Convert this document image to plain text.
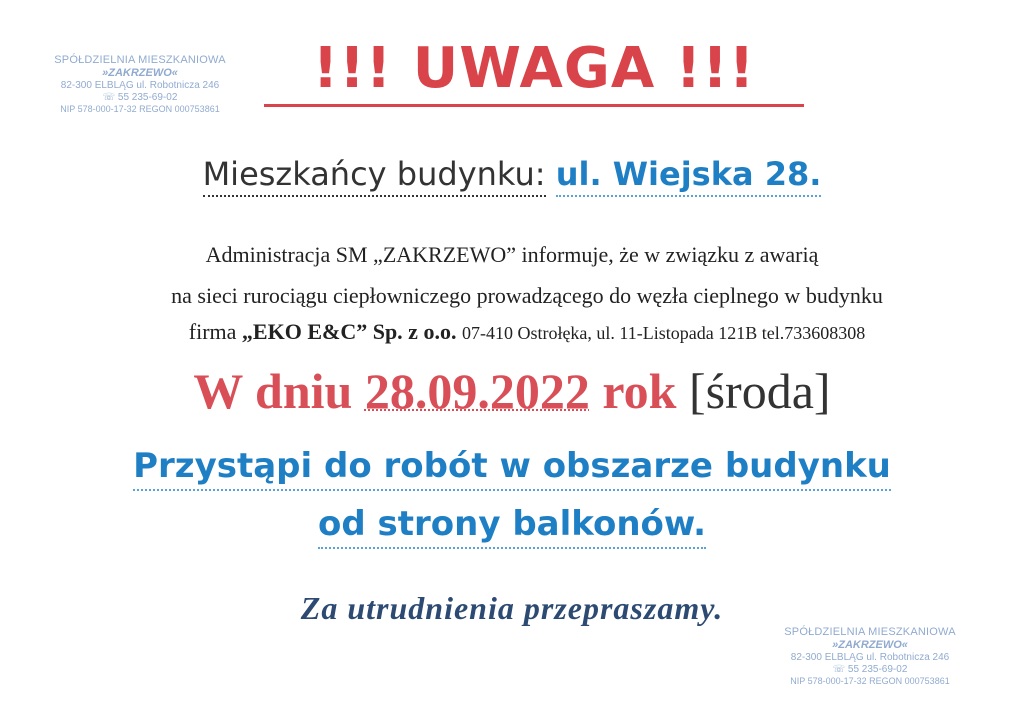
SPÓŁDZIELNIA MIESZKANIOWA
»ZAKRZEWO«
82-300 ELBLĄG ul. Robotnicza 246
☏ 55 235-69-02
NIP 578-000-17-32 REGON 000753861
!!! UWAGA !!!
Mieszkańcy budynku: ul. Wiejska 28.
Administracja SM „ZAKRZEWO” informuje, że w związku z awarią
na sieci rurociągu ciepłowniczego prowadzącego do węzła cieplnego w budynku
firma „EKO E&C” Sp. z o.o. 07-410 Ostrołęka, ul. 11-Listopada 121B tel.733608308
W dniu 28.09.2022 rok [środa]
Przystąpi do robót w obszarze budynku
od strony balkonów.
Za utrudnienia przepraszamy.
SPÓŁDZIELNIA MIESZKANIOWA
»ZAKRZEWO«
82-300 ELBLĄG ul. Robotnicza 246
☏ 55 235-69-02
NIP 578-000-17-32 REGON 000753861
